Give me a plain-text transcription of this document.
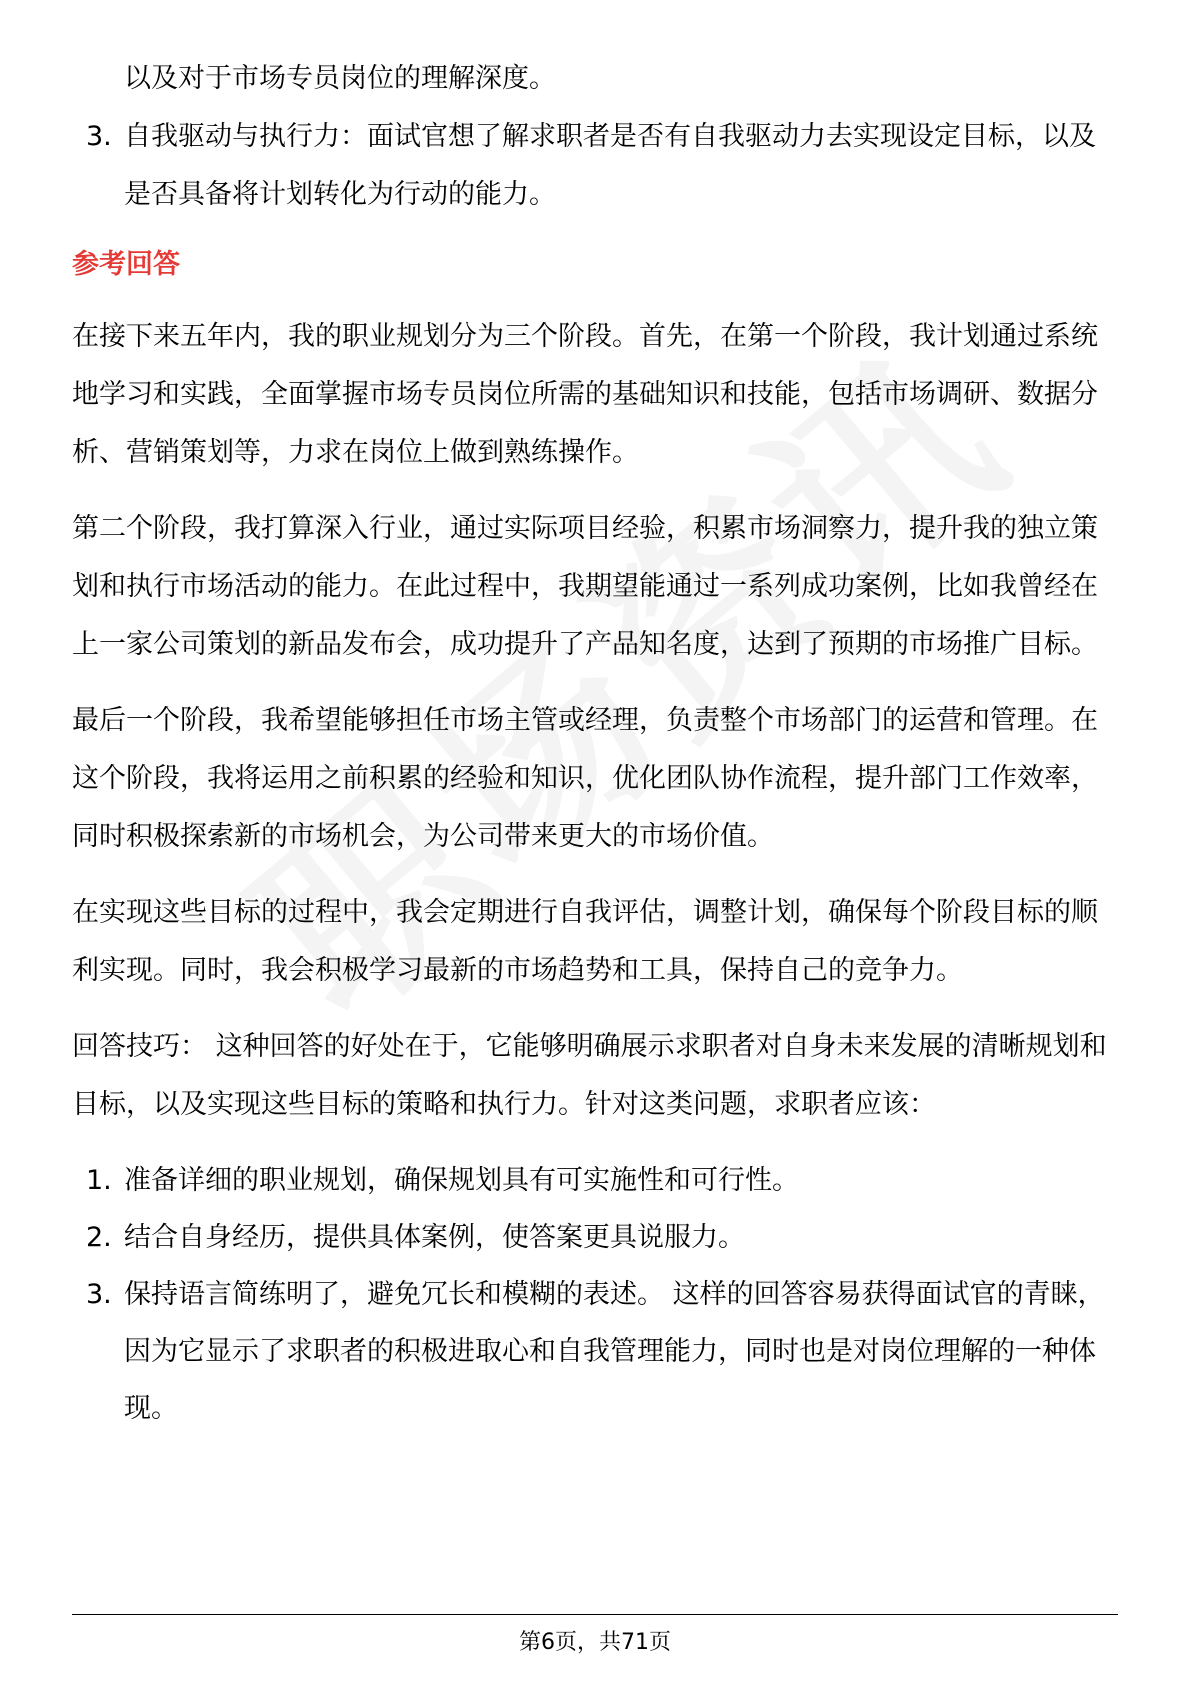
以及对于市场专员岗位的理解深度。
3. 自我驱动与执行力：面试官想了解求职者是否有自我驱动力去实现设定目标，以及是否具备将计划转化为行动的能力。
参考回答

在接下来五年内，我的职业规划分为三个阶段。首先，在第一个阶段，我计划通过系统地学习和实践，全面掌握市场专员岗位所需的基础知识和技能，包括市场调研、数据分析、营销策划等，力求在岗位上做到熟练操作。

第二个阶段，我打算深入行业，通过实际项目经验，积累市场洞察力，提升我的独立策划和执行市场活动的能力。在此过程中，我期望能通过一系列成功案例，比如我曾经在上一家公司策划的新品发布会，成功提升了产品知名度，达到了预期的市场推广目标。

最后一个阶段，我希望能够担任市场主管或经理，负责整个市场部门的运营和管理。在这个阶段，我将运用之前积累的经验和知识，优化团队协作流程，提升部门工作效率，同时积极探索新的市场机会，为公司带来更大的市场价值。

在实现这些目标的过程中，我会定期进行自我评估，调整计划，确保每个阶段目标的顺利实现。同时，我会积极学习最新的市场趋势和工具，保持自己的竞争力。

回答技巧： 这种回答的好处在于，它能够明确展示求职者对自身未来发展的清晰规划和目标，以及实现这些目标的策略和执行力。针对这类问题，求职者应该：

1. 准备详细的职业规划，确保规划具有可实施性和可行性。
2. 结合自身经历，提供具体案例，使答案更具说服力。
3. 保持语言简练明了，避免冗长和模糊的表述。 这样的回答容易获得面试官的青睐，因为它显示了求职者的积极进取心和自我管理能力，同时也是对岗位理解的一种体现。
第6页，共71页
